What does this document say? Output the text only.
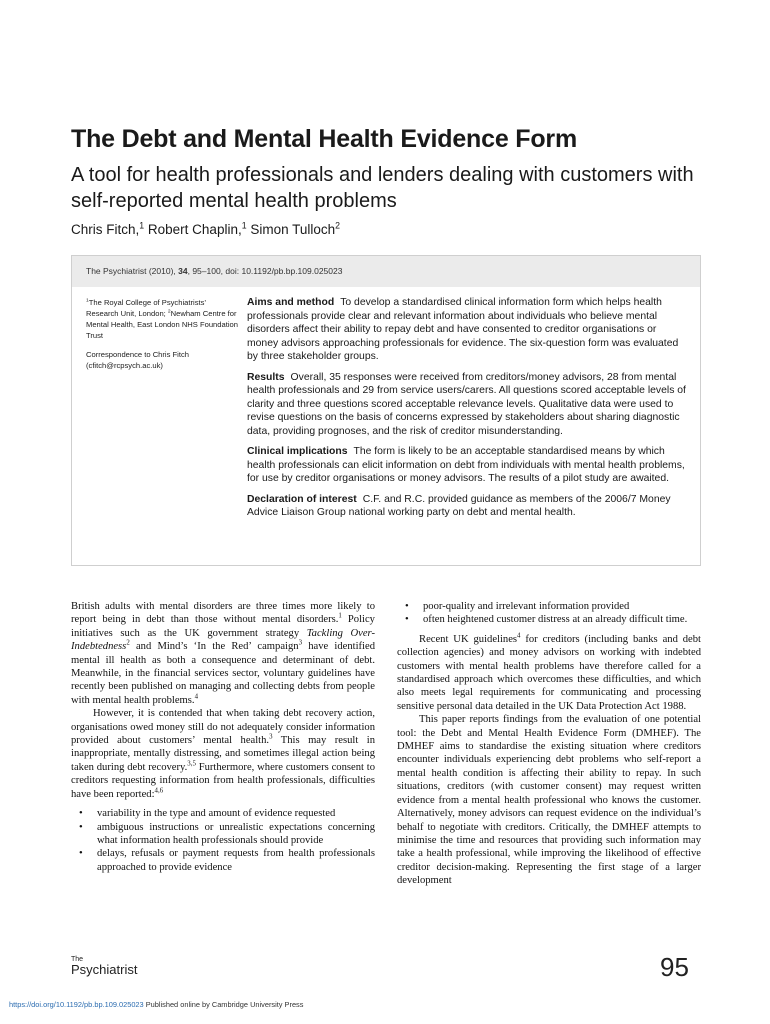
The Debt and Mental Health Evidence Form
A tool for health professionals and lenders dealing with customers with self-reported mental health problems
Chris Fitch,$^1$ Robert Chaplin,$^1$ Simon Tulloch$^2$
The Psychiatrist (2010), 34, 95–100, doi: 10.1192/pb.bp.109.025023

$^1$The Royal College of Psychiatrists’ Research Unit, London; $^2$Newham Centre for Mental Health, East London NHS Foundation Trust

Correspondence to Chris Fitch (cfitch@rcpsych.ac.uk)

Aims and method To develop a standardised clinical information form which helps health professionals provide clear and relevant information about individuals who believe mental disorders affect their ability to repay debt and have consented to creditor organisations or money advisors approaching professionals for evidence. The six-question form was evaluated by three stakeholder groups.

Results Overall, 35 responses were received from creditors/money advisors, 28 from mental health professionals and 29 from service users/carers. All questions scored acceptable levels of clarity and three questions scored acceptable relevance levels. Qualitative data were used to revise questions on the basis of concerns expressed by stakeholders about sharing diagnostic data, providing prognoses, and the risk of creditor misunderstanding.

Clinical implications The form is likely to be an acceptable standardised means by which health professionals can elicit information on debt from individuals with mental health problems, for use by creditor organisations or money advisors. The results of a pilot study are awaited.

Declaration of interest C.F. and R.C. provided guidance as members of the 2006/7 Money Advice Liaison Group national working party on debt and mental health.

British adults with mental disorders are three times more likely to report being in debt than those without mental disorders.$^1$ Policy initiatives such as the UK government strategy Tackling Over-Indebtedness$^2$ and Mind’s ‘In the Red’ campaign$^3$ have identified mental ill health as both a consequence and determinant of debt. Meanwhile, in the financial services sector, voluntary guidelines have recently been published on managing and collecting debts from people with mental health problems.$^4$

However, it is contended that when taking debt recovery action, organisations owed money still do not adequately consider information provided about customers’ mental health.$^3$ This may result in inappropriate, mentally distressing, and sometimes illegal action being taken during debt recovery.$^{3,5}$ Furthermore, where customers consent to creditors requesting information from health professionals, difficulties have been reported:$^{4,6}$

• variability in the type and amount of evidence requested
• ambiguous instructions or unrealistic expectations concerning what information health professionals should provide
• delays, refusals or payment requests from health professionals approached to provide evidence
• poor-quality and irrelevant information provided
• often heightened customer distress at an already difficult time.

Recent UK guidelines$^4$ for creditors (including banks and debt collection agencies) and money advisors on working with indebted customers with mental health problems have therefore called for a standardised approach which overcomes these difficulties, and which also meets legal requirements for communicating and processing sensitive personal data detailed in the UK Data Protection Act 1988.

This paper reports findings from the evaluation of one potential tool: the Debt and Mental Health Evidence Form (DMHEF). The DMHEF aims to standardise the existing situation where creditors encounter individuals experiencing debt problems who self-report a mental health condition is affecting their ability to repay. In such situations, creditors (with customer consent) may request written evidence from a mental health professional who knows the customer. Alternatively, money advisors can request evidence on the individual’s behalf to negotiate with creditors. Critically, the DMHEF attempts to minimise the time and resources that providing such information may take a health professional, while improving the likelihood of effective creditor decision-making. Representing the first stage of a larger development

The
Psychiatrist	95
https://doi.org/10.1192/pb.bp.109.025023 Published online by Cambridge University Press
